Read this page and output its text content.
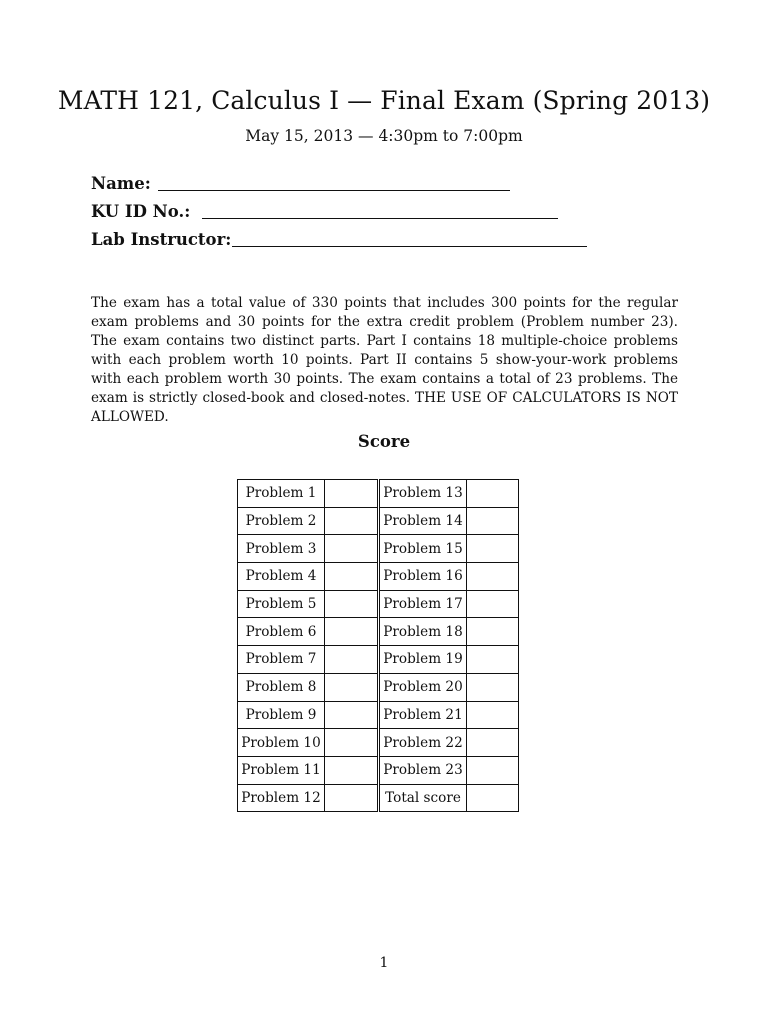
MATH 121, Calculus I — Final Exam (Spring 2013)
May 15, 2013 — 4:30pm to 7:00pm
Name:
KU ID No.:
Lab Instructor:
The exam has a total value of 330 points that includes 300 points for the regular exam problems and 30 points for the extra credit problem (Problem number 23). The exam contains two distinct parts. Part I contains 18 multiple-choice problems with each problem worth 10 points. Part II contains 5 show-your-work problems with each problem worth 30 points. The exam contains a total of 23 problems. The exam is strictly closed-book and closed-notes. THE USE OF CALCULATORS IS NOT ALLOWED.
Score
Problem 1			Problem 13	
Problem 2			Problem 14	
Problem 3			Problem 15	
Problem 4			Problem 16	
Problem 5			Problem 17	
Problem 6			Problem 18	
Problem 7			Problem 19	
Problem 8			Problem 20	
Problem 9			Problem 21	
Problem 10			Problem 22	
Problem 11			Problem 23	
Problem 12			Total score	
1
